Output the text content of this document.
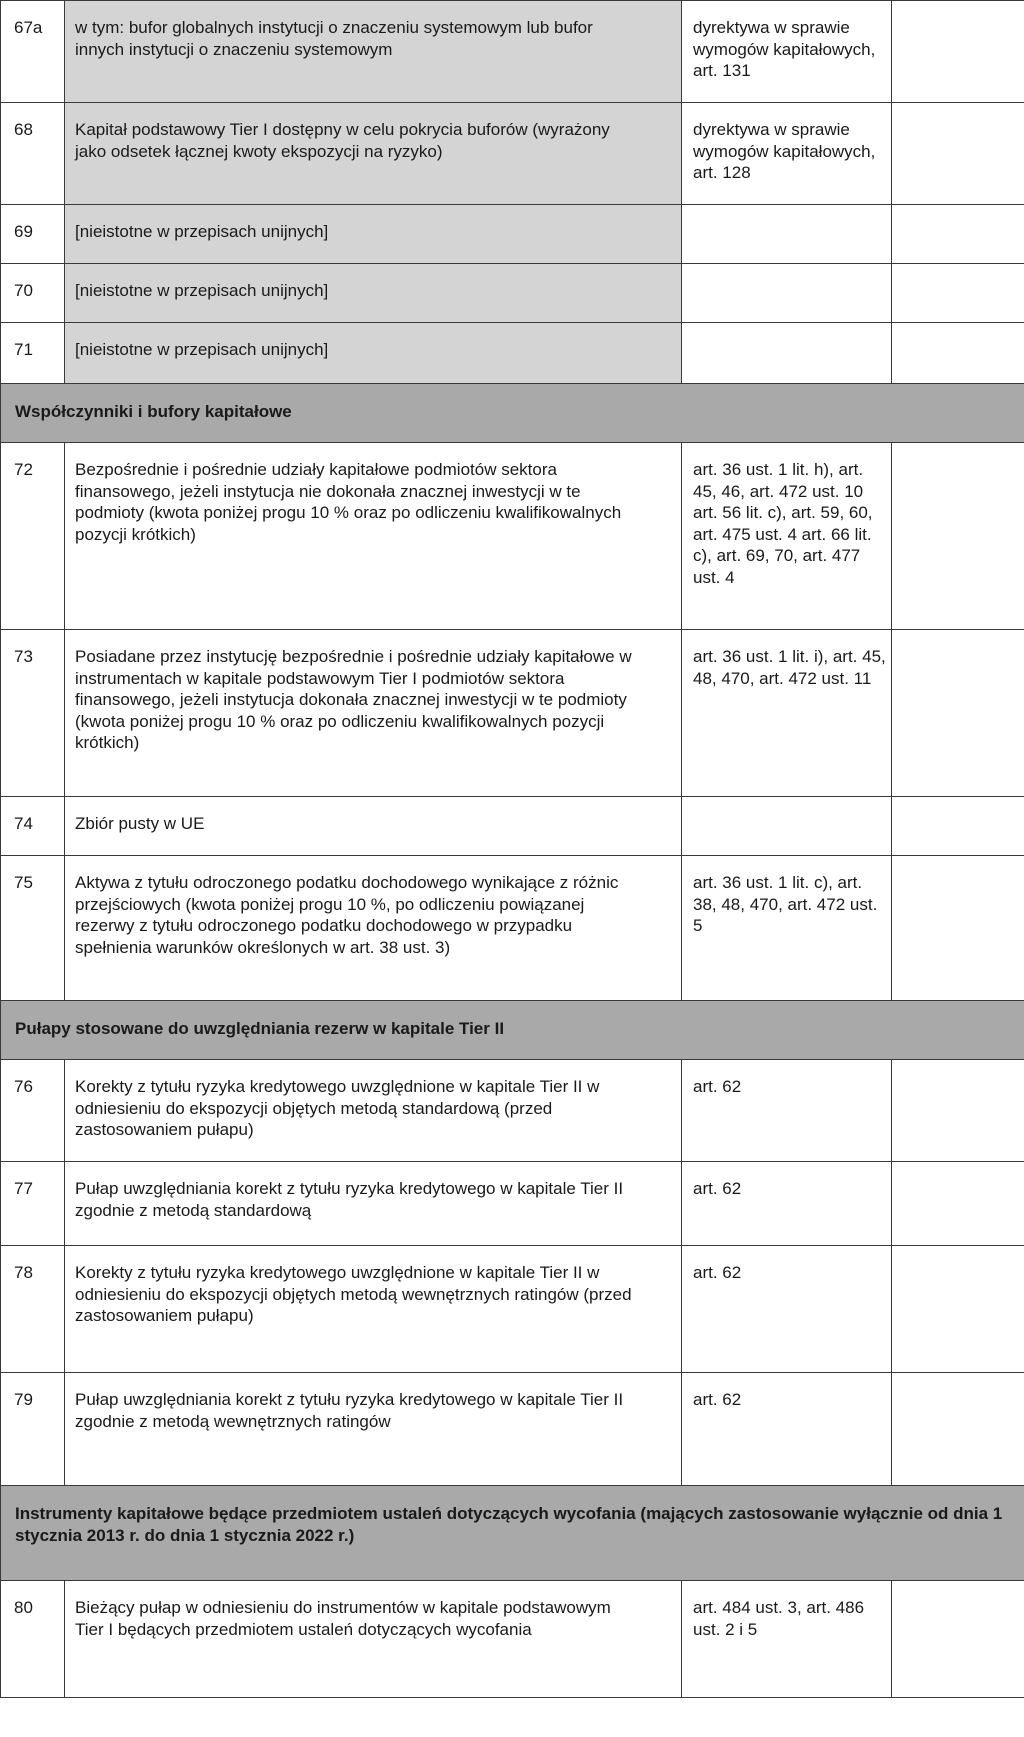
67a	w tym: bufor globalnych instytucji o znaczeniu systemowym lub bufor innych instytucji o znaczeniu systemowym	dyrektywa w sprawie wymogów kapitałowych, art. 131	

68	Kapitał podstawowy Tier I dostępny w celu pokrycia buforów (wyrażony jako odsetek łącznej kwoty ekspozycji na ryzyko)	dyrektywa w sprawie wymogów kapitałowych, art. 128	

69	[nieistotne w przepisach unijnych]		

70	[nieistotne w przepisach unijnych]		

71	[nieistotne w przepisach unijnych]		

Współczynniki i bufory kapitałowe			
72	Bezpośrednie i pośrednie udziały kapitałowe podmiotów sektora finansowego, jeżeli instytucja nie dokonała znacznej inwestycji w te podmioty (kwota poniżej progu 10 % oraz po odliczeniu kwalifikowalnych pozycji krótkich)	art. 36 ust. 1 lit. h), art. 45, 46, art. 472 ust. 10 art. 56 lit. c), art. 59, 60, art. 475 ust. 4 art. 66 lit. c), art. 69, 70, art. 477 ust. 4	

73	Posiadane przez instytucję bezpośrednie i pośrednie udziały kapitałowe w instrumentach w kapitale podstawowym Tier I podmiotów sektora finansowego, jeżeli instytucja dokonała znacznej inwestycji w te podmioty (kwota poniżej progu 10 % oraz po odliczeniu kwalifikowalnych pozycji krótkich)	art. 36 ust. 1 lit. i), art. 45, 48, 470, art. 472 ust. 11	

74	Zbiór pusty w UE		

75	Aktywa z tytułu odroczonego podatku dochodowego wynikające z różnic przejściowych (kwota poniżej progu 10 %, po odliczeniu powiązanej rezerwy z tytułu odroczonego podatku dochodowego w przypadku spełnienia warunków określonych w art. 38 ust. 3)	art. 36 ust. 1 lit. c), art. 38, 48, 470, art. 472 ust. 5	

Pułapy stosowane do uwzględniania rezerw w kapitale Tier II			
76	Korekty z tytułu ryzyka kredytowego uwzględnione w kapitale Tier II w odniesieniu do ekspozycji objętych metodą standardową (przed zastosowaniem pułapu)	art. 62	

77	Pułap uwzględniania korekt z tytułu ryzyka kredytowego w kapitale Tier II zgodnie z metodą standardową	art. 62	

78	Korekty z tytułu ryzyka kredytowego uwzględnione w kapitale Tier II w odniesieniu do ekspozycji objętych metodą wewnętrznych ratingów (przed zastosowaniem pułapu)	art. 62	

79	Pułap uwzględniania korekt z tytułu ryzyka kredytowego w kapitale Tier II zgodnie z metodą wewnętrznych ratingów	art. 62	

Instrumenty kapitałowe będące przedmiotem ustaleń dotyczących wycofania (mających zastosowanie wyłącznie od dnia 1 stycznia 2013 r. do dnia 1 stycznia 2022 r.)			
80	Bieżący pułap w odniesieniu do instrumentów w kapitale podstawowym Tier I będących przedmiotem ustaleń dotyczących wycofania	art. 484 ust. 3, art. 486 ust. 2 i 5	
